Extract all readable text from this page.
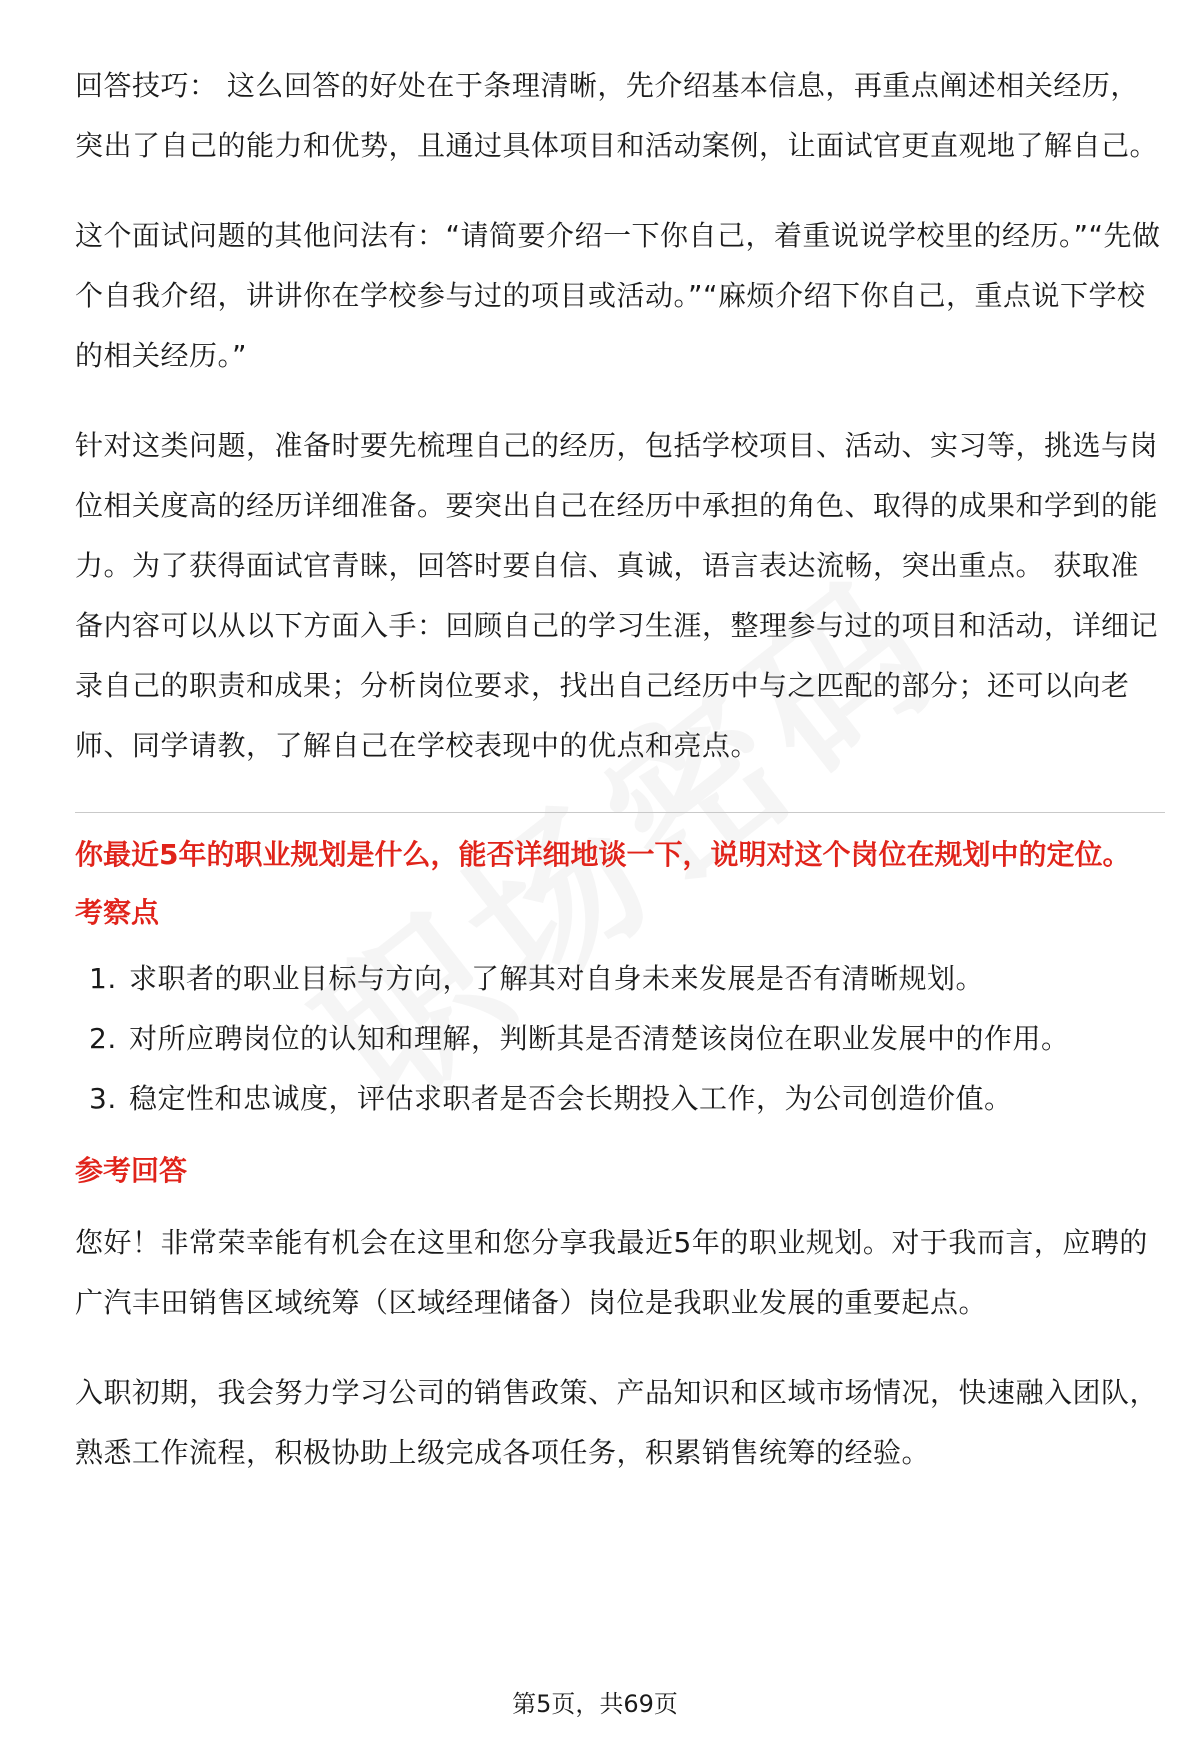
回答技巧： 这么回答的好处在于条理清晰，先介绍基本信息，再重点阐述相关经历，突出了自己的能力和优势，且通过具体项目和活动案例，让面试官更直观地了解自己。

这个面试问题的其他问法有：“请简要介绍一下你自己，着重说说学校里的经历。”“先做个自我介绍，讲讲你在学校参与过的项目或活动。”“麻烦介绍下你自己，重点说下学校的相关经历。”

针对这类问题，准备时要先梳理自己的经历，包括学校项目、活动、实习等，挑选与岗位相关度高的经历详细准备。要突出自己在经历中承担的角色、取得的成果和学到的能力。为了获得面试官青睐，回答时要自信、真诚，语言表达流畅，突出重点。 获取准备内容可以从以下方面入手：回顾自己的学习生涯，整理参与过的项目和活动，详细记录自己的职责和成果；分析岗位要求，找出自己经历中与之匹配的部分；还可以向老师、同学请教，了解自己在学校表现中的优点和亮点。

你最近5年的职业规划是什么，能否详细地谈一下，说明对这个岗位在规划中的定位。

考察点

1. 求职者的职业目标与方向，了解其对自身未来发展是否有清晰规划。
2. 对所应聘岗位的认知和理解，判断其是否清楚该岗位在职业发展中的作用。
3. 稳定性和忠诚度，评估求职者是否会长期投入工作，为公司创造价值。

参考回答

您好！非常荣幸能有机会在这里和您分享我最近5年的职业规划。对于我而言，应聘的广汽丰田销售区域统筹（区域经理储备）岗位是我职业发展的重要起点。

入职初期，我会努力学习公司的销售政策、产品知识和区域市场情况，快速融入团队，熟悉工作流程，积极协助上级完成各项任务，积累销售统筹的经验。

第5页，共69页
